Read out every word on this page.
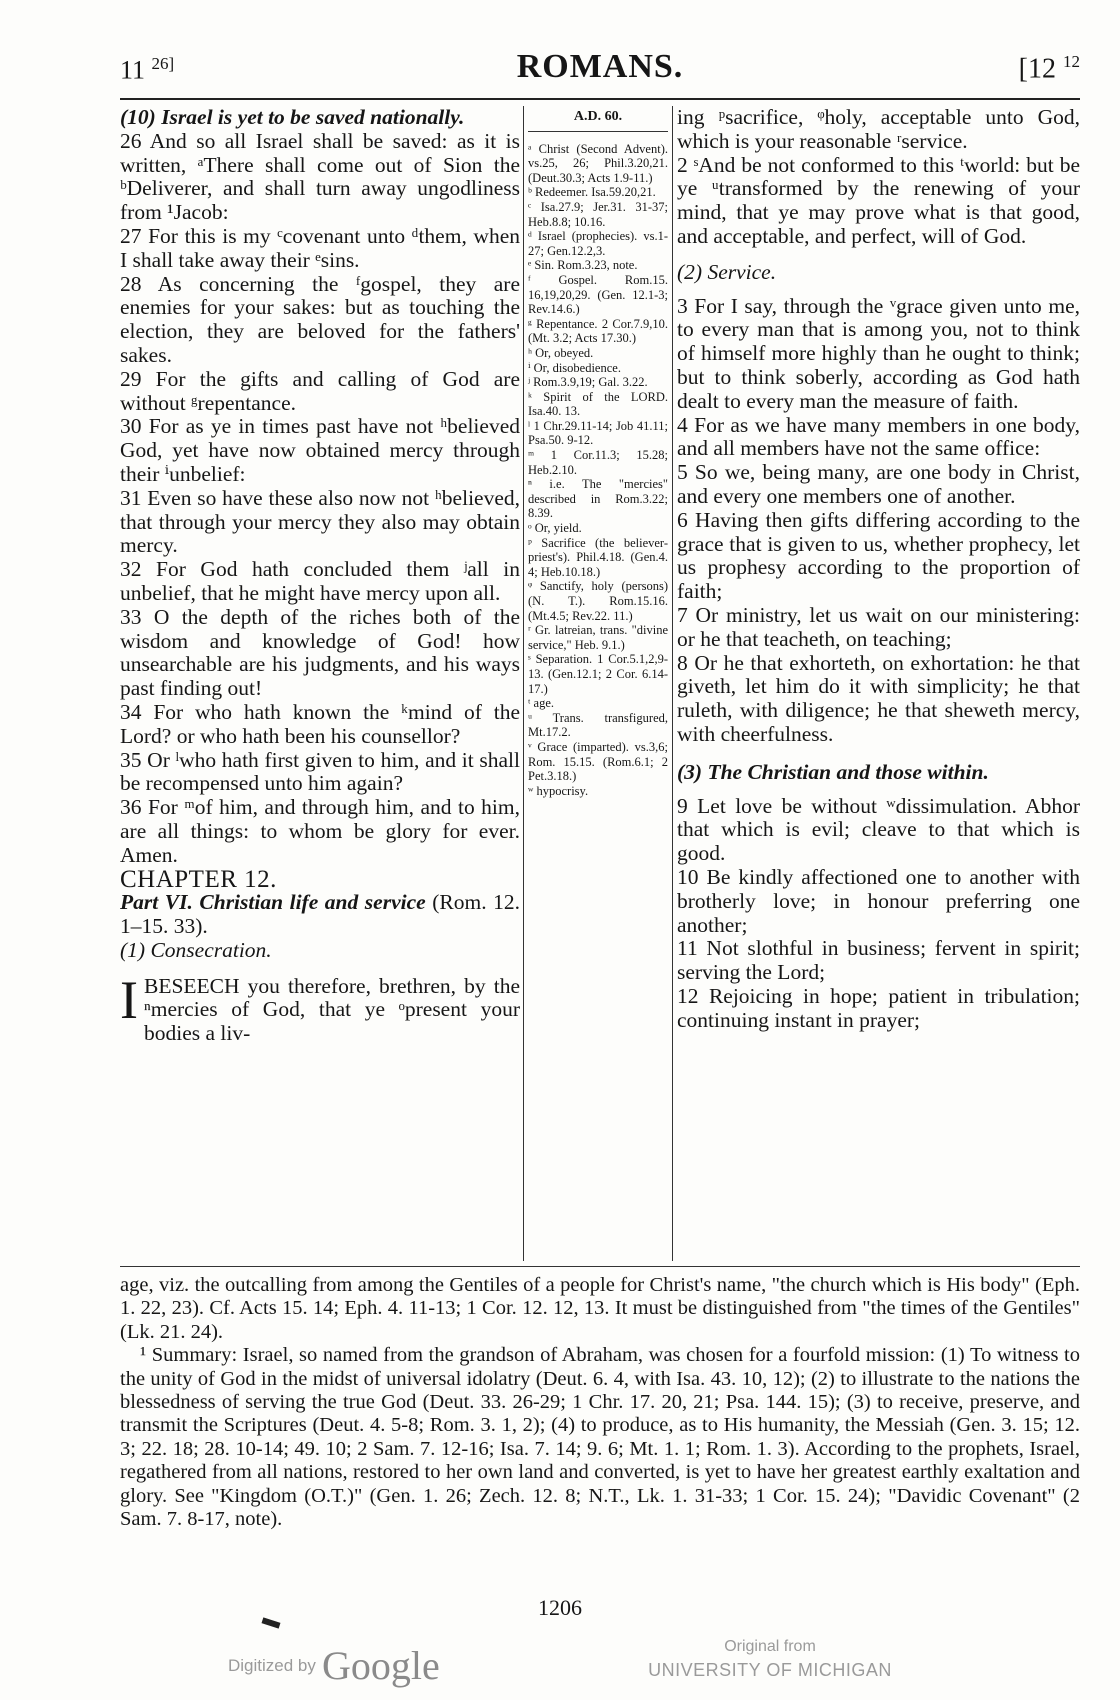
11 $^{26]}$	ROMANS.	[12 $^{12}$

(10) Israel is yet to be saved nationally.

26 And so all Israel shall be saved: as it is written, ᵃThere shall come out of Sion the ᵇDeliverer, and shall turn away ungodliness from ¹Jacob:

27 For this is my ᶜcovenant unto ᵈthem, when I shall take away their ᵉsins.

28 As concerning the ᶠgospel, they are enemies for your sakes: but as touching the election, they are beloved for the fathers' sakes.

29 For the gifts and calling of God are without ᵍrepentance.

30 For as ye in times past have not ʰbelieved God, yet have now obtained mercy through their ⁱunbelief:

31 Even so have these also now not ʰbelieved, that through your mercy they also may obtain mercy.

32 For God hath concluded them ʲall in unbelief, that he might have mercy upon all.

33 O the depth of the riches both of the wisdom and knowledge of God! how unsearchable are his judgments, and his ways past finding out!

34 For who hath known the ᵏmind of the Lord? or who hath been his counsellor?

35 Or ˡwho hath first given to him, and it shall be recompensed unto him again?

36 For ᵐof him, and through him, and to him, are all things: to whom be glory for ever. Amen.

CHAPTER 12.

Part VI. Christian life and service (Rom. 12. 1–15. 33).

(1) Consecration.

I BESEECH you therefore, brethren, by the ⁿmercies of God, that ye ᵒpresent your bodies a liv-

A.D. 60.

ᵃ Christ (Second Advent). vs.25, 26; Phil.3.20,21. (Deut.30.3; Acts 1.9-11.)

ᵇ Redeemer. Isa.59.20,21.

ᶜ Isa.27.9; Jer.31. 31-37; Heb.8.8; 10.16.

ᵈ Israel (prophecies). vs.1-27; Gen.12.2,3.

ᵉ Sin. Rom.3.23, note.

ᶠ Gospel. Rom.15. 16,19,20,29. (Gen. 12.1-3; Rev.14.6.)

ᵍ Repentance. 2 Cor.7.9,10. (Mt. 3.2; Acts 17.30.)

ʰ Or, obeyed.

ⁱ Or, disobedience.

ʲ Rom.3.9,19; Gal. 3.22.

ᵏ Spirit of the LORD. Isa.40. 13.

ˡ 1 Chr.29.11-14; Job 41.11; Psa.50. 9-12.

ᵐ 1 Cor.11.3; 15.28; Heb.2.10.

ⁿ i.e. The "mercies" described in Rom.3.22; 8.39.

ᵒ Or, yield.

ᵖ Sacrifice (the believer-priest's). Phil.4.18. (Gen.4. 4; Heb.10.18.)

ᵠ Sanctify, holy (persons) (N. T.). Rom.15.16. (Mt.4.5; Rev.22. 11.)

ʳ Gr. latreian, trans. "divine service," Heb. 9.1.)

ˢ Separation. 1 Cor.5.1,2,9-13. (Gen.12.1; 2 Cor. 6.14-17.)

ᵗ age.

ᵘ Trans. transfigured, Mt.17.2.

ᵛ Grace (imparted). vs.3,6; Rom. 15.15. (Rom.6.1; 2 Pet.3.18.)

ʷ hypocrisy.

ing ᵖsacrifice, ᵠholy, acceptable unto God, which is your reasonable ʳservice.

2 ˢAnd be not conformed to this ᵗworld: but be ye ᵘtransformed by the renewing of your mind, that ye may prove what is that good, and acceptable, and perfect, will of God.

(2) Service.

3 For I say, through the ᵛgrace given unto me, to every man that is among you, not to think of himself more highly than he ought to think; but to think soberly, according as God hath dealt to every man the measure of faith.

4 For as we have many members in one body, and all members have not the same office:

5 So we, being many, are one body in Christ, and every one members one of another.

6 Having then gifts differing according to the grace that is given to us, whether prophecy, let us prophesy according to the proportion of faith;

7 Or ministry, let us wait on our ministering: or he that teacheth, on teaching;

8 Or he that exhorteth, on exhortation: he that giveth, let him do it with simplicity; he that ruleth, with diligence; he that sheweth mercy, with cheerfulness.

(3) The Christian and those within.

9 Let love be without ʷdissimulation. Abhor that which is evil; cleave to that which is good.

10 Be kindly affectioned one to another with brotherly love; in honour preferring one another;

11 Not slothful in business; fervent in spirit; serving the Lord;

12 Rejoicing in hope; patient in tribulation; continuing instant in prayer;

age, viz. the outcalling from among the Gentiles of a people for Christ's name, "the church which is His body" (Eph. 1. 22, 23). Cf. Acts 15. 14; Eph. 4. 11-13; 1 Cor. 12. 12, 13. It must be distinguished from "the times of the Gentiles" (Lk. 21. 24).

¹ Summary: Israel, so named from the grandson of Abraham, was chosen for a fourfold mission: (1) To witness to the unity of God in the midst of universal idolatry (Deut. 6. 4, with Isa. 43. 10, 12); (2) to illustrate to the nations the blessedness of serving the true God (Deut. 33. 26-29; 1 Chr. 17. 20, 21; Psa. 144. 15); (3) to receive, preserve, and transmit the Scriptures (Deut. 4. 5-8; Rom. 3. 1, 2); (4) to produce, as to His humanity, the Messiah (Gen. 3. 15; 12. 3; 22. 18; 28. 10-14; 49. 10; 2 Sam. 7. 12-16; Isa. 7. 14; 9. 6; Mt. 1. 1; Rom. 1. 3). According to the prophets, Israel, regathered from all nations, restored to her own land and converted, is yet to have her greatest earthly exaltation and glory. See "Kingdom (O.T.)" (Gen. 1. 26; Zech. 12. 8; N.T., Lk. 1. 31-33; 1 Cor. 15. 24); "Davidic Covenant" (2 Sam. 7. 8-17, note).

1206
Digitized by Google	Original from
UNIVERSITY OF MICHIGAN
